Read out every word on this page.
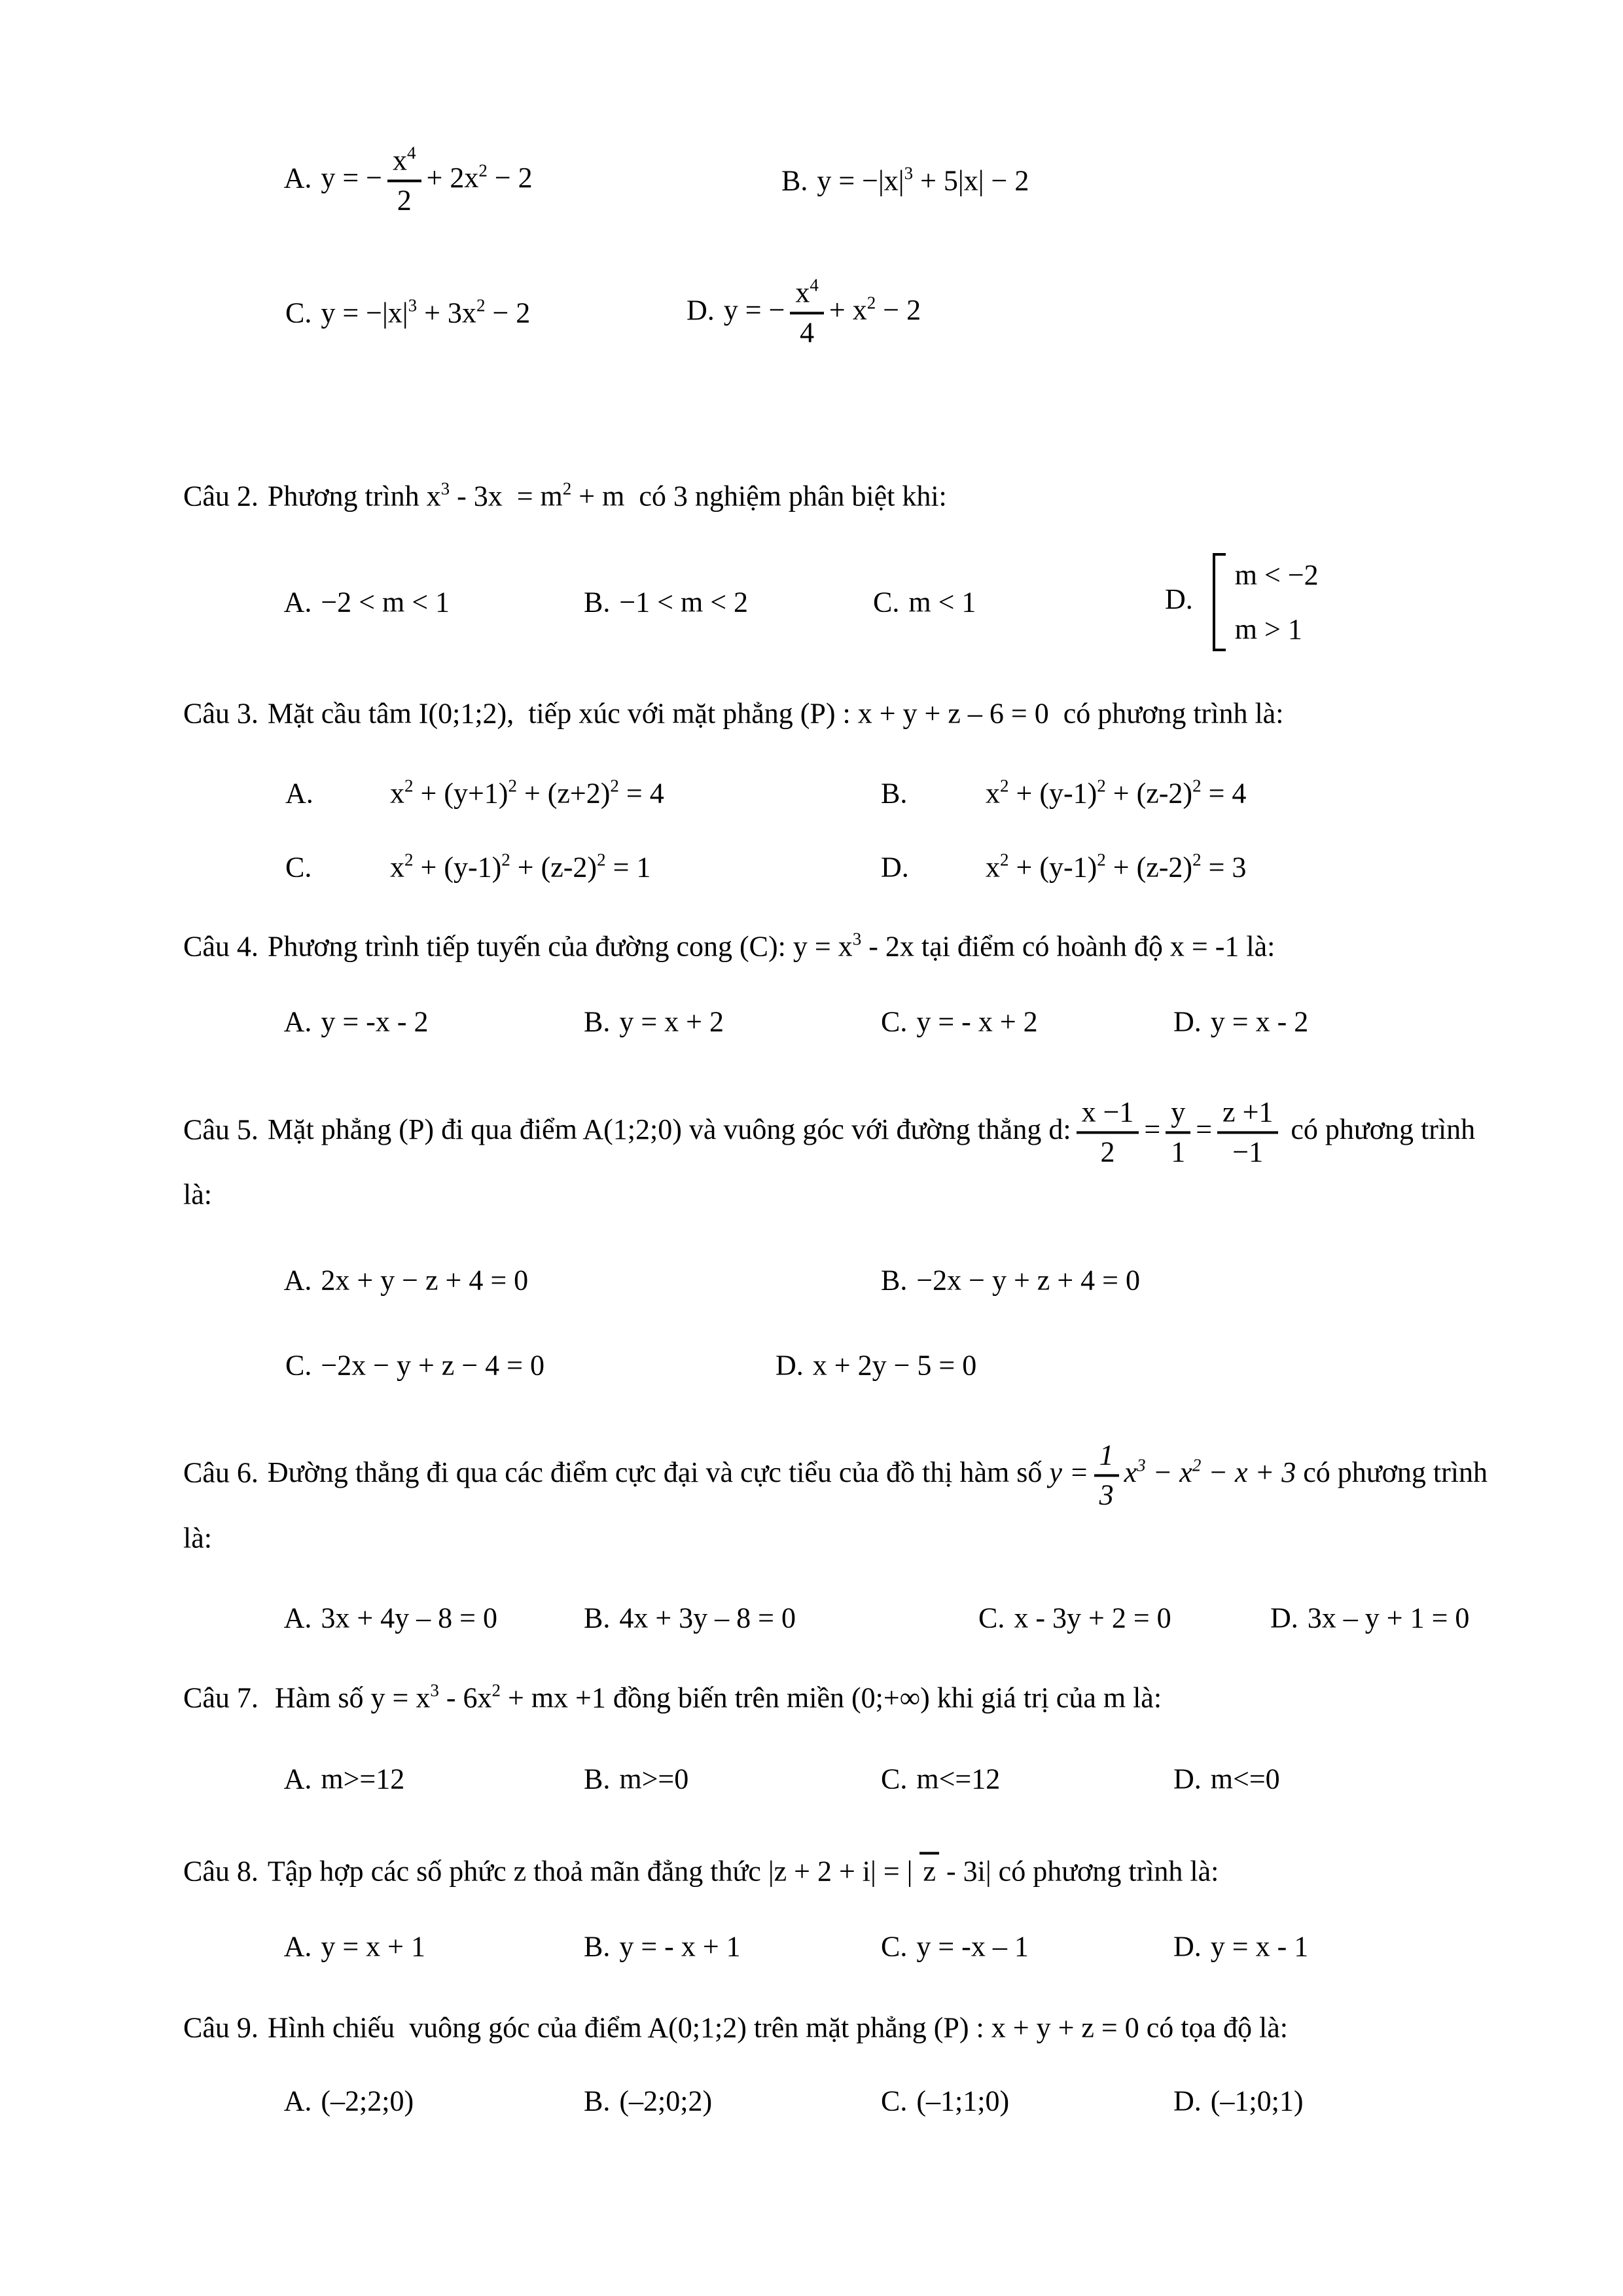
A. y = − $\frac{x4}{2} + 2x2 - 2$
	B. y = −|x|3 + 5|x| − 2

C. y = −|x|3 + 3x2 − 2
	D. y = − $\frac{x4}{4} + x2 - 2$

Câu 2. Phương trình x3 - 3x  = m2 + m  có 3 nghiệm phân biệt khi:

A. −2 < m < 1
	B. −1 < m < 2
	C. m < 1
	D.
m < −2
m > 1

Câu 3. Mặt cầu tâm I(0;1;2),  tiếp xúc với mặt phẳng (P) : x + y + z – 6 = 0  có phương trình là:

A.	x2 + (y+1)2 + (z+2)2 = 4
	B.	x2 + (y-1)2 + (z-2)2 = 4

C.	x2 + (y-1)2 + (z-2)2 = 1
	D.	x2 + (y-1)2 + (z-2)2 = 3

Câu 4. Phương trình tiếp tuyến của đường cong (C): y = x3 - 2x tại điểm có hoành độ x = -1 là:

A. y = -x - 2
	B. y = x + 2
	C. y = - x + 2
	D. y = x - 2

Câu 5. Mặt phẳng (P) đi qua điểm A(1;2;0) và vuông góc với đường thẳng d: $\frac{x -1}{2} = \frac{y}{1} = \frac{z +1}{-1}$ có phương trình

là:

A. 2x + y − z + 4 = 0
	B. −2x − y + z + 4 = 0

C. −2x − y + z − 4 = 0
	D. x + 2y − 5 = 0

Câu 6. Đường thẳng đi qua các điểm cực đại và cực tiểu của đồ thị hàm số $y = \frac{1}{3} x3 - x2 - x + 3$ có phương trình

là:

A. 3x + 4y – 8 = 0
	B. 4x + 3y – 8 = 0
	C. x - 3y + 2 = 0
	D. 3x – y + 1 = 0

Câu 7. Hàm số y = x3 - 6x2 + mx +1 đồng biến trên miền (0;+∞) khi giá trị của m là:

A. m>=12
	B. m>=0
	C. m<=12
	D. m<=0

Câu 8. Tập hợp các số phức z thoả mãn đẳng thức |z + 2 + i| = | z - 3i| có phương trình là:

A. y = x + 1
	B. y = - x + 1
	C. y = -x – 1
	D. y = x - 1

Câu 9. Hình chiếu  vuông góc của điểm A(0;1;2) trên mặt phẳng (P) : x + y + z = 0 có tọa độ là:

A. (–2;2;0)
	B. (–2;0;2)
	C. (–1;1;0)
	D. (–1;0;1)
